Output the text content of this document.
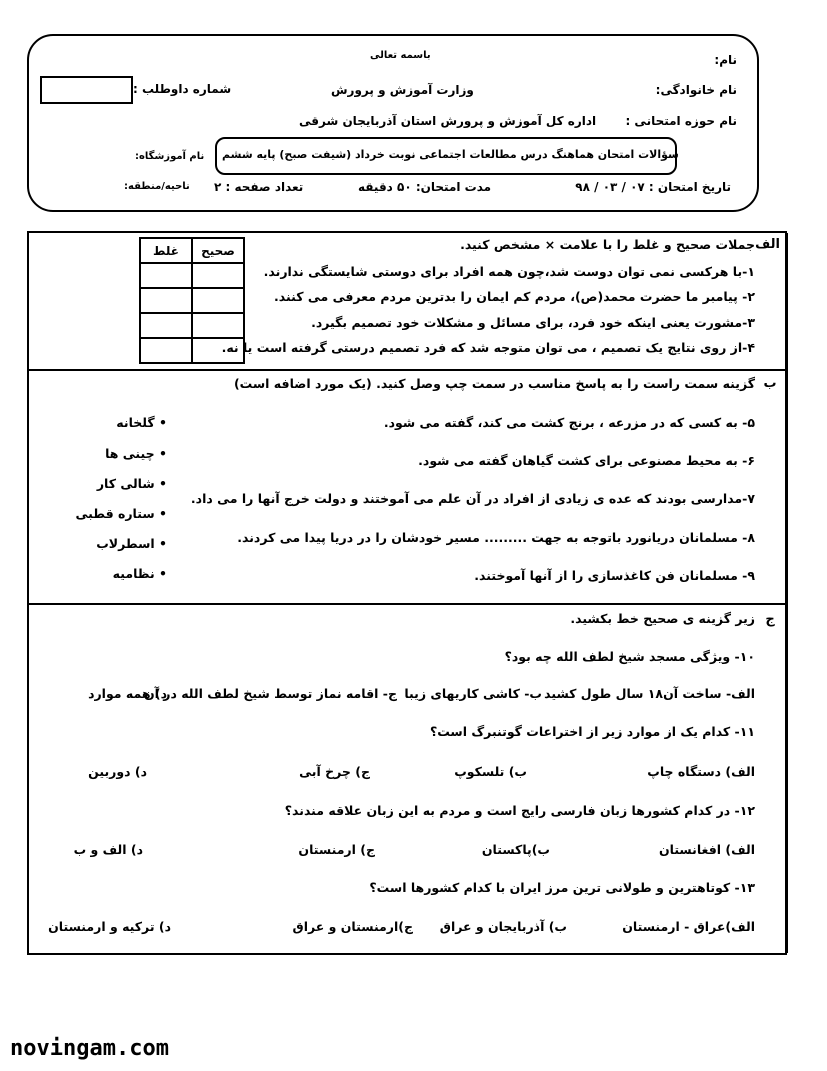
باسمه تعالی	نام:
نام خانوادگی:
نام حوزه امتحانی :
شماره داوطلب :	وزارت آموزش و پرورش
اداره کل آموزش و پرورش استان آذربایجان شرقی
نام آموزشگاه: سؤالات امتحان هماهنگ درس مطالعات اجتماعی نوبت خرداد (شیفت صبح) پایه ششم
تاریخ امتحان : ۰۷ / ۰۳ / ۹۸
مدت امتحان: ۵۰ دقیقه
تعداد صفحه : ۲
ناحیه/منطقه:
الف
جملات صحیح و غلط را با علامت × مشخص کنید.
۱-با هرکسی نمی توان دوست شد،چون همه افراد برای دوستی شایستگی ندارند.
۲- پیامبر ما حضرت محمد(ص)، مردم کم ایمان را بدترین مردم معرفی می کنند.
۳-مشورت یعنی اینکه خود فرد، برای مسائل و مشکلات خود تصمیم بگیرد.
۴-از روی نتایج یک تصمیم ، می توان متوجه شد که فرد تصمیم درستی گرفته است یا نه.
غلط	صحیح

ب
گزینه سمت راست را به پاسخ مناسب در سمت چپ وصل کنید. (یک مورد اضافه است)
۵- به کسی که در مزرعه ، برنج کشت می کند، گفته می شود.
۶- به محیط مصنوعی برای کشت گیاهان گفته می شود.
۷-مدارسی بودند که عده ی زیادی از افراد در آن علم می آموختند و دولت خرج آنها را می داد.
۸- مسلمانان دریانورد باتوجه به جهت ......... مسیر خودشان را در دریا پیدا می کردند.
۹- مسلمانان فن کاغذسازی را از آنها آموختند.
• گلخانه
• چینی ها
• شالی کار
• ستاره قطبی
• اسطرلاب
• نظامیه
ج
زیر گزینه ی صحیح خط بکشید.
۱۰- ویژگی مسجد شیخ لطف الله چه بود؟
الف- ساخت آن۱۸ سال طول کشید
ب- کاشی کاریهای زیبا
ج- اقامه نماز توسط شیخ لطف الله در آن
د) همه موارد
۱۱- کدام یک از موارد زیر از اختراعات گوتنبرگ است؟
الف) دستگاه چاپ
ب) تلسکوپ
ج) چرخ آبی
د) دوربین
۱۲- در کدام کشورها زبان فارسی رایج است و مردم به این زبان علاقه مندند؟
الف) افغانستان
ب)پاکستان
ج) ارمنستان
د) الف و ب
۱۳- کوتاهترین و طولانی ترین مرز ایران با کدام کشورها است؟
الف)عراق - ارمنستان
ب) آذربایجان و عراق
ج)ارمنستان و عراق
د) ترکیه و ارمنستان
novingam.com
